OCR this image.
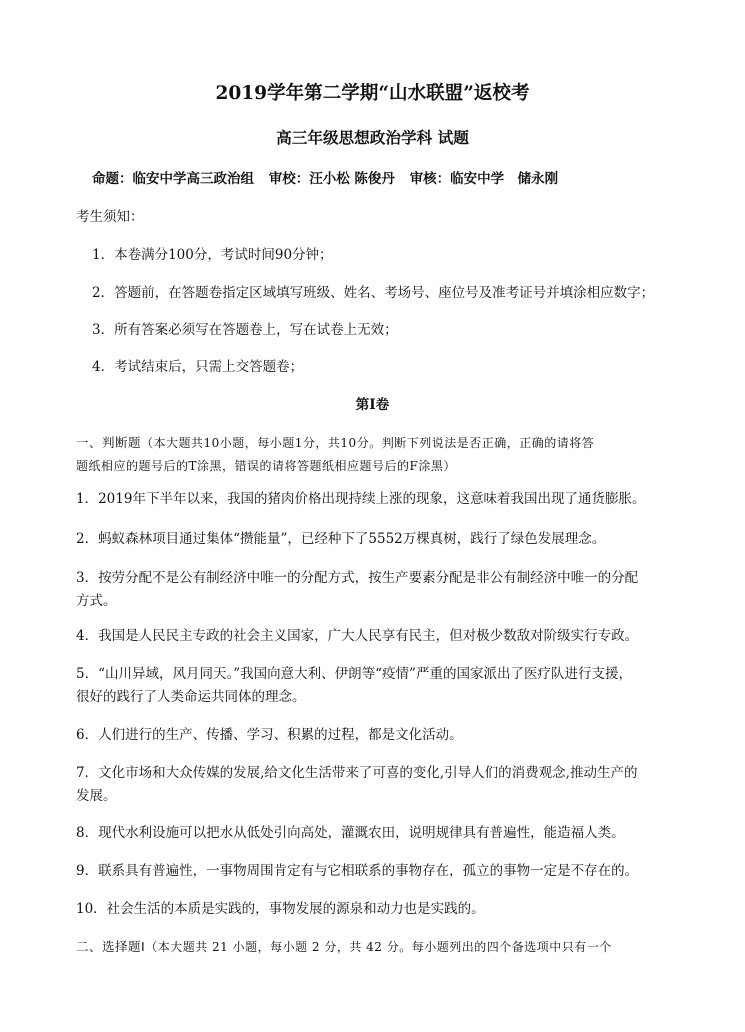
2019学年第二学期“山水联盟”返校考
高三年级思想政治学科 试题
命题：临安中学高三政治组 审校：汪小松 陈俊丹 审核：临安中学　储永刚
考生须知：
1．本卷满分100分，考试时间90分钟；
2．答题前，在答题卷指定区域填写班级、姓名、考场号、座位号及准考证号并填涂相应数字；
3．所有答案必须写在答题卷上，写在试卷上无效；
4．考试结束后，只需上交答题卷；
第Ⅰ卷
一、判断题（本大题共10小题，每小题1分，共10分。判断下列说法是否正确，正确的请将答
题纸相应的题号后的T涂黑，错误的请将答题纸相应题号后的F涂黑）
1．2019年下半年以来，我国的猪肉价格出现持续上涨的现象，这意味着我国出现了通货膨胀。
2．蚂蚁森林项目通过集体“攒能量”，已经种下了5552万棵真树，践行了绿色发展理念。
3．按劳分配不是公有制经济中唯一的分配方式，按生产要素分配是非公有制经济中唯一的分配
方式。
4．我国是人民民主专政的社会主义国家，广大人民享有民主，但对极少数敌对阶级实行专政。
5．“山川异域，风月同天。”我国向意大利、伊朗等“疫情”严重的国家派出了医疗队进行支援，
很好的践行了人类命运共同体的理念。
6．人们进行的生产、传播、学习、积累的过程，都是文化活动。
7．文化市场和大众传媒的发展,给文化生活带来了可喜的变化,引导人们的消费观念,推动生产的
发展。
8．现代水利设施可以把水从低处引向高处，灌溉农田，说明规律具有普遍性，能造福人类。
9．联系具有普遍性，一事物周围肯定有与它相联系的事物存在，孤立的事物一定是不存在的。
10．社会生活的本质是实践的，事物发展的源泉和动力也是实践的。
二、选择题Ⅰ（本大题共 21 小题，每小题 2 分，共 42 分。每小题列出的四个备选项中只有一个
